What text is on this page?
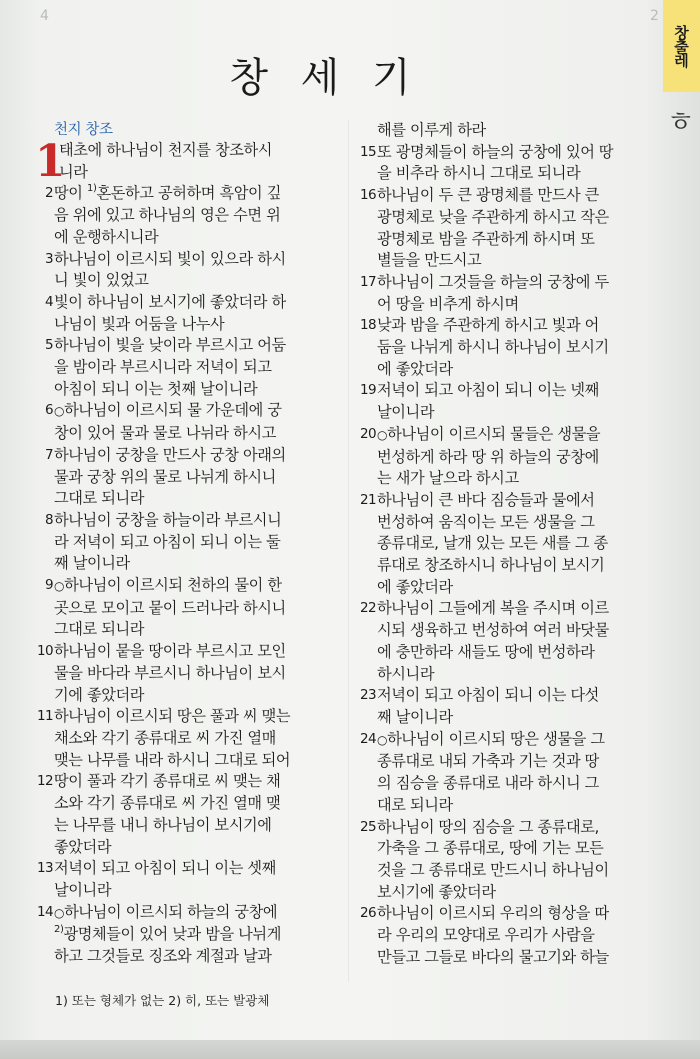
4	2
창 세 기
창출레
ㅎ
천지 창조
1
태초에 하나님이 천지를 창조하시
니라
2 땅이 $^{1)}$혼돈하고 공허하며 흑암이 깊
음 위에 있고 하나님의 영은 수면 위
에 운행하시니라
3 하나님이 이르시되 빛이 있으라 하시
니 빛이 있었고
4 빛이 하나님이 보시기에 좋았더라 하
나님이 빛과 어둠을 나누사
5 하나님이 빛을 낮이라 부르시고 어둠
을 밤이라 부르시니라 저녁이 되고
아침이 되니 이는 첫째 날이니라
6 ○하나님이 이르시되 물 가운데에 궁
창이 있어 물과 물로 나뉘라 하시고
7 하나님이 궁창을 만드사 궁창 아래의
물과 궁창 위의 물로 나뉘게 하시니
그대로 되니라
8 하나님이 궁창을 하늘이라 부르시니
라 저녁이 되고 아침이 되니 이는 둘
째 날이니라
9 ○하나님이 이르시되 천하의 물이 한
곳으로 모이고 뭍이 드러나라 하시니
그대로 되니라
10 하나님이 뭍을 땅이라 부르시고 모인
물을 바다라 부르시니 하나님이 보시
기에 좋았더라
11 하나님이 이르시되 땅은 풀과 씨 맺는
채소와 각기 종류대로 씨 가진 열매
맺는 나무를 내라 하시니 그대로 되어
12 땅이 풀과 각기 종류대로 씨 맺는 채
소와 각기 종류대로 씨 가진 열매 맺
는 나무를 내니 하나님이 보시기에
좋았더라
13 저녁이 되고 아침이 되니 이는 셋째
날이니라
14 ○하나님이 이르시되 하늘의 궁창에
$^{2)}$광명체들이 있어 낮과 밤을 나뉘게
하고 그것들로 징조와 계절과 날과
해를 이루게 하라
15 또 광명체들이 하늘의 궁창에 있어 땅
을 비추라 하시니 그대로 되니라
16 하나님이 두 큰 광명체를 만드사 큰
광명체로 낮을 주관하게 하시고 작은
광명체로 밤을 주관하게 하시며 또
별들을 만드시고
17 하나님이 그것들을 하늘의 궁창에 두
어 땅을 비추게 하시며
18 낮과 밤을 주관하게 하시고 빛과 어
둠을 나뉘게 하시니 하나님이 보시기
에 좋았더라
19 저녁이 되고 아침이 되니 이는 넷째
날이니라
20 ○하나님이 이르시되 물들은 생물을
번성하게 하라 땅 위 하늘의 궁창에
는 새가 날으라 하시고
21 하나님이 큰 바다 짐승들과 물에서
번성하여 움직이는 모든 생물을 그
종류대로, 날개 있는 모든 새를 그 종
류대로 창조하시니 하나님이 보시기
에 좋았더라
22 하나님이 그들에게 복을 주시며 이르
시되 생육하고 번성하여 여러 바닷물
에 충만하라 새들도 땅에 번성하라
하시니라
23 저녁이 되고 아침이 되니 이는 다섯
째 날이니라
24 ○하나님이 이르시되 땅은 생물을 그
종류대로 내되 가축과 기는 것과 땅
의 짐승을 종류대로 내라 하시니 그
대로 되니라
25 하나님이 땅의 짐승을 그 종류대로,
가축을 그 종류대로, 땅에 기는 모든
것을 그 종류대로 만드시니 하나님이
보시기에 좋았더라
26 하나님이 이르시되 우리의 형상을 따
라 우리의 모양대로 우리가 사람을
만들고 그들로 바다의 물고기와 하늘
1) 또는 형체가 없는 2) 히, 또는 발광체
